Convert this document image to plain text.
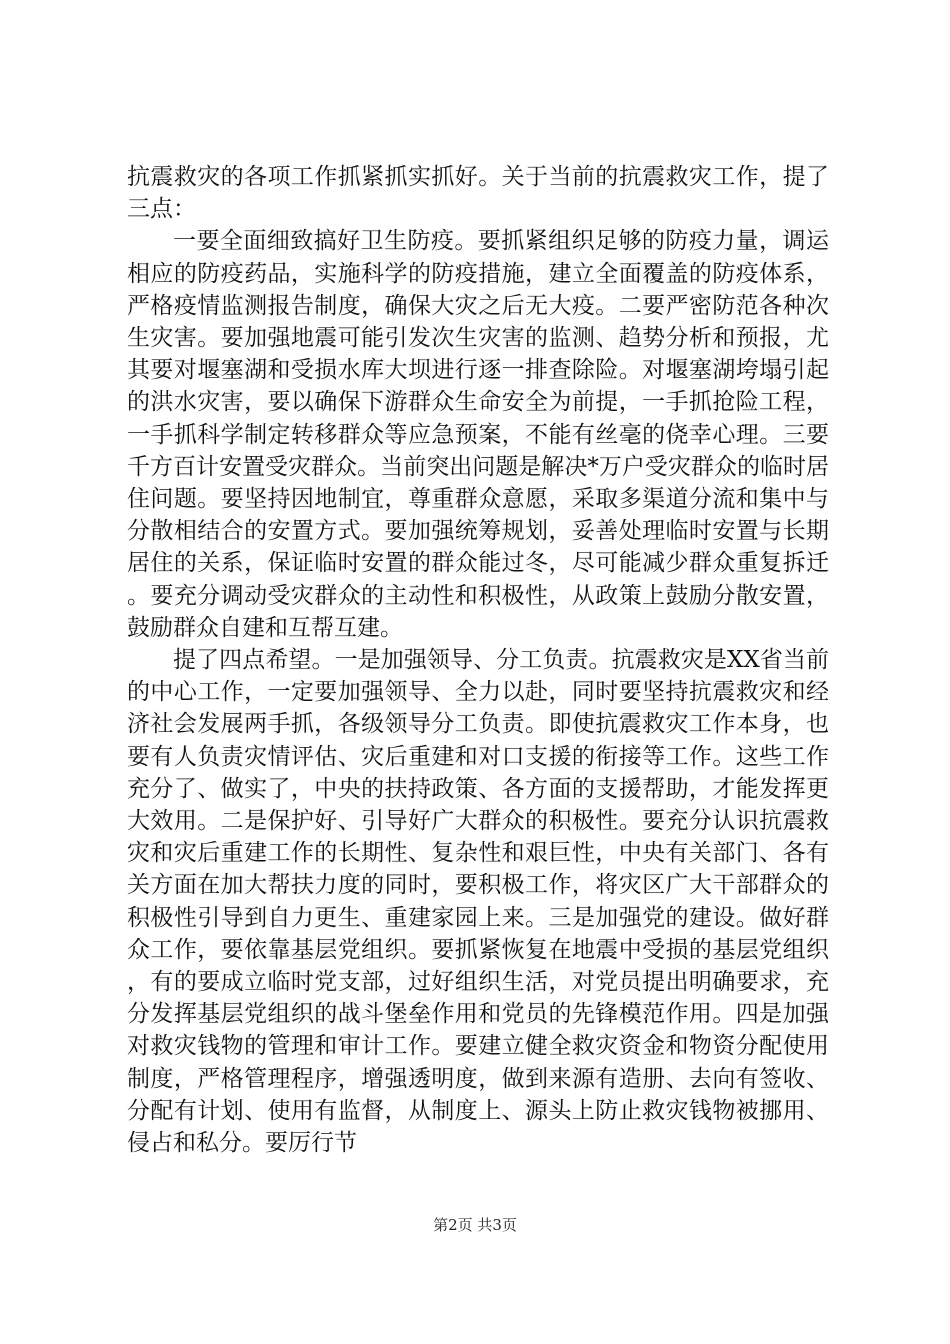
抗震救灾的各项工作抓紧抓实抓好。关于当前的抗震救灾工作，提了三点：

一要全面细致搞好卫生防疫。要抓紧组织足够的防疫力量，调运相应的防疫药品，实施科学的防疫措施，建立全面覆盖的防疫体系，严格疫情监测报告制度，确保大灾之后无大疫。二要严密防范各种次生灾害。要加强地震可能引发次生灾害的监测、趋势分析和预报，尤其要对堰塞湖和受损水库大坝进行逐一排查除险。对堰塞湖垮塌引起的洪水灾害，要以确保下游群众生命安全为前提，一手抓抢险工程，一手抓科学制定转移群众等应急预案，不能有丝毫的侥幸心理。三要千方百计安置受灾群众。当前突出问题是解决*万户受灾群众的临时居住问题。要坚持因地制宜，尊重群众意愿，采取多渠道分流和集中与分散相结合的安置方式。要加强统筹规划，妥善处理临时安置与长期居住的关系，保证临时安置的群众能过冬，尽可能减少群众重复拆迁。要充分调动受灾群众的主动性和积极性，从政策上鼓励分散安置，鼓励群众自建和互帮互建。

提了四点希望。一是加强领导、分工负责。抗震救灾是XX省当前的中心工作，一定要加强领导、全力以赴，同时要坚持抗震救灾和经济社会发展两手抓，各级领导分工负责。即使抗震救灾工作本身，也要有人负责灾情评估、灾后重建和对口支援的衔接等工作。这些工作充分了、做实了，中央的扶持政策、各方面的支援帮助，才能发挥更大效用。二是保护好、引导好广大群众的积极性。要充分认识抗震救灾和灾后重建工作的长期性、复杂性和艰巨性，中央有关部门、各有关方面在加大帮扶力度的同时，要积极工作，将灾区广大干部群众的积极性引导到自力更生、重建家园上来。三是加强党的建设。做好群众工作，要依靠基层党组织。要抓紧恢复在地震中受损的基层党组织，有的要成立临时党支部，过好组织生活，对党员提出明确要求，充分发挥基层党组织的战斗堡垒作用和党员的先锋模范作用。四是加强对救灾钱物的管理和审计工作。要建立健全救灾资金和物资分配使用制度，严格管理程序，增强透明度，做到来源有造册、去向有签收、分配有计划、使用有监督，从制度上、源头上防止救灾钱物被挪用、侵占和私分。要厉行节

第2页 共3页
